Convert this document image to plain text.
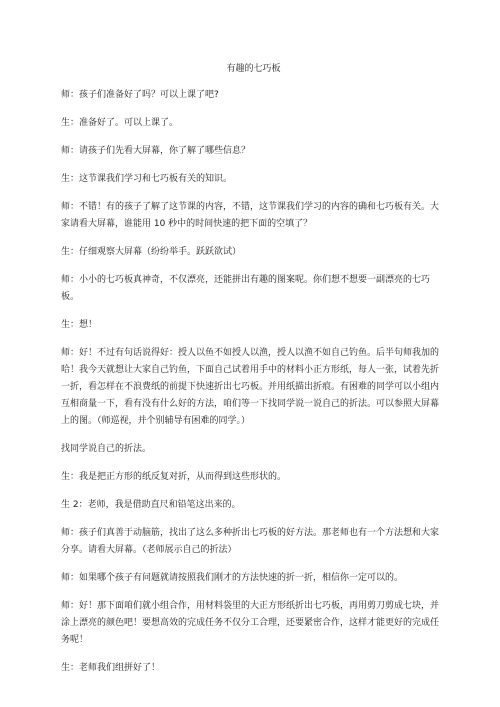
有趣的七巧板

师：孩子们准备好了吗？可以上课了吧?

生：准备好了。可以上课了。

师：请孩子们先看大屏幕，你了解了哪些信息？

生：这节课我们学习和七巧板有关的知识。

师：不错！有的孩子了解了这节课的内容，不错，这节课我们学习的内容的确和七巧板有关。大家请看大屏幕，谁能用 10 秒中的时间快速的把下面的空填了？

生：仔细观察大屏幕（纷纷举手。跃跃欲试）

师：小小的七巧板真神奇，不仅漂亮，还能拼出有趣的图案呢。你们想不想要一副漂亮的七巧板。

生：想！

师：好！不过有句话说得好：授人以鱼不如授人以渔，授人以渔不如自己钓鱼。后半句师我加的哈！我今天就想让大家自己钓鱼，下面自己试着用手中的材料小正方形纸，每人一张，试着先折一折，看怎样在不浪费纸的前提下快速折出七巧板。并用纸描出折痕。有困难的同学可以小组内互相商量一下，看有没有什么好的方法，咱们等一下找同学说一说自己的折法。可以参照大屏幕上的图。（师巡视，并个别辅导有困难的同学。）

找同学说自己的折法。

生：我是把正方形的纸反复对折，从而得到这些形状的。

生 2：老师，我是借助直尺和铅笔这出来的。

师：孩子们真善于动脑筋，找出了这么多种折出七巧板的好方法。那老师也有一个方法想和大家分享。请看大屏幕。（老师展示自己的折法）

师：如果哪个孩子有问题就请按照我们刚才的方法快速的折一折，相信你一定可以的。

师：好！那下面咱们就小组合作，用材料袋里的大正方形纸折出七巧板，再用剪刀剪成七块，并涂上漂亮的颜色吧！要想高效的完成任务不仅分工合理，还要紧密合作，这样才能更好的完成任务呢！

生：老师我们组拼好了！
